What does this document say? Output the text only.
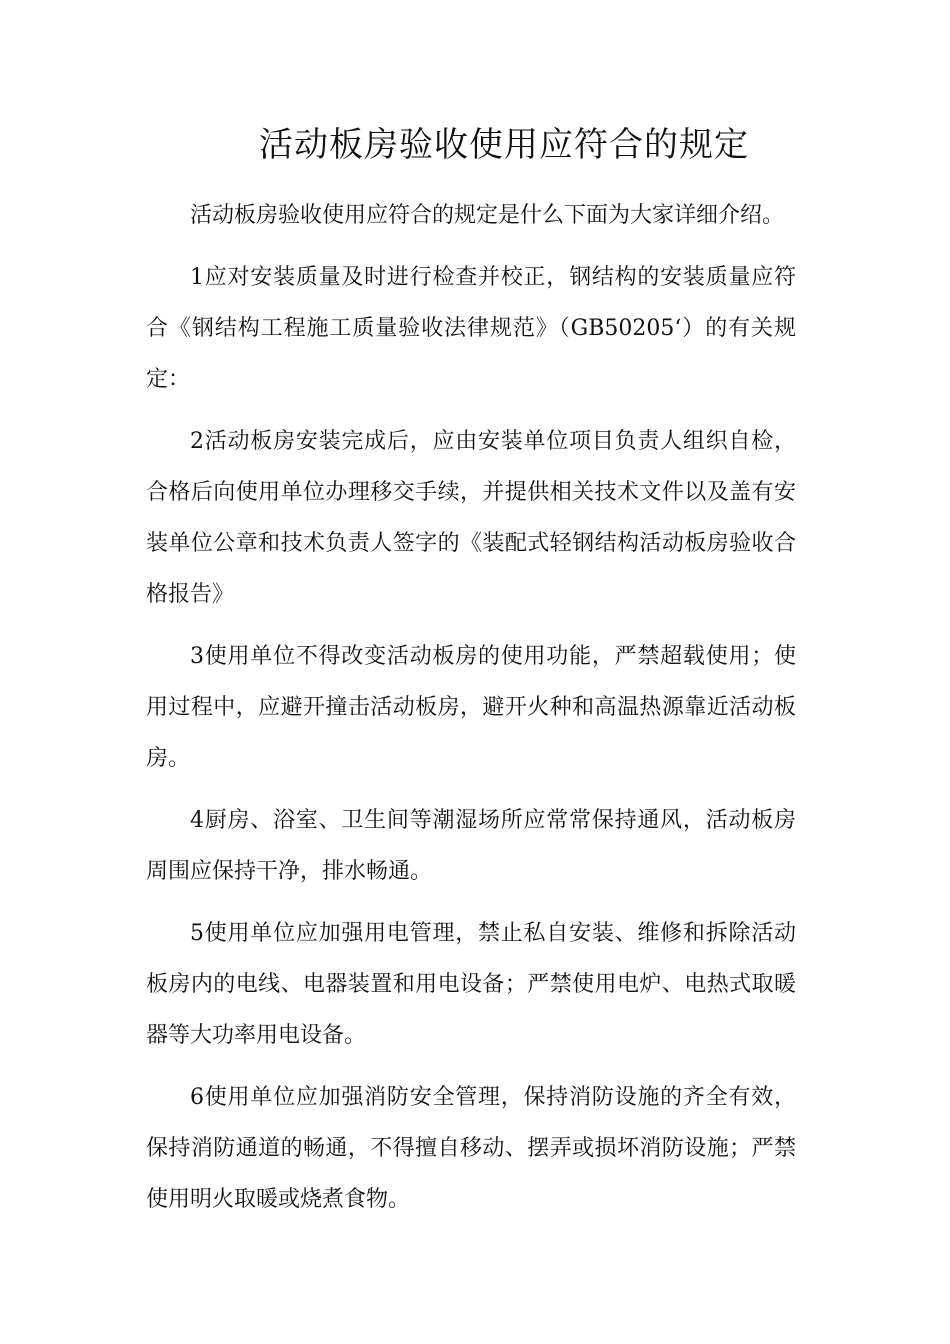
活动板房验收使用应符合的规定

活动板房验收使用应符合的规定是什么下面为大家详细介绍。

1应对安装质量及时进行检查并校正，钢结构的安装质量应符合《钢结构工程施工质量验收法律规范》（GB50205‘）的有关规定：

2活动板房安装完成后，应由安装单位项目负责人组织自检，合格后向使用单位办理移交手续，并提供相关技术文件以及盖有安装单位公章和技术负责人签字的《装配式轻钢结构活动板房验收合格报告》

3使用单位不得改变活动板房的使用功能，严禁超载使用；使用过程中，应避开撞击活动板房，避开火种和高温热源靠近活动板房。

4厨房、浴室、卫生间等潮湿场所应常常保持通风，活动板房周围应保持干净，排水畅通。

5使用单位应加强用电管理，禁止私自安装、维修和拆除活动板房内的电线、电器装置和用电设备；严禁使用电炉、电热式取暖器等大功率用电设备。

6使用单位应加强消防安全管理，保持消防设施的齐全有效，保持消防通道的畅通，不得擅自移动、摆弄或损坏消防设施；严禁使用明火取暖或烧煮食物。
